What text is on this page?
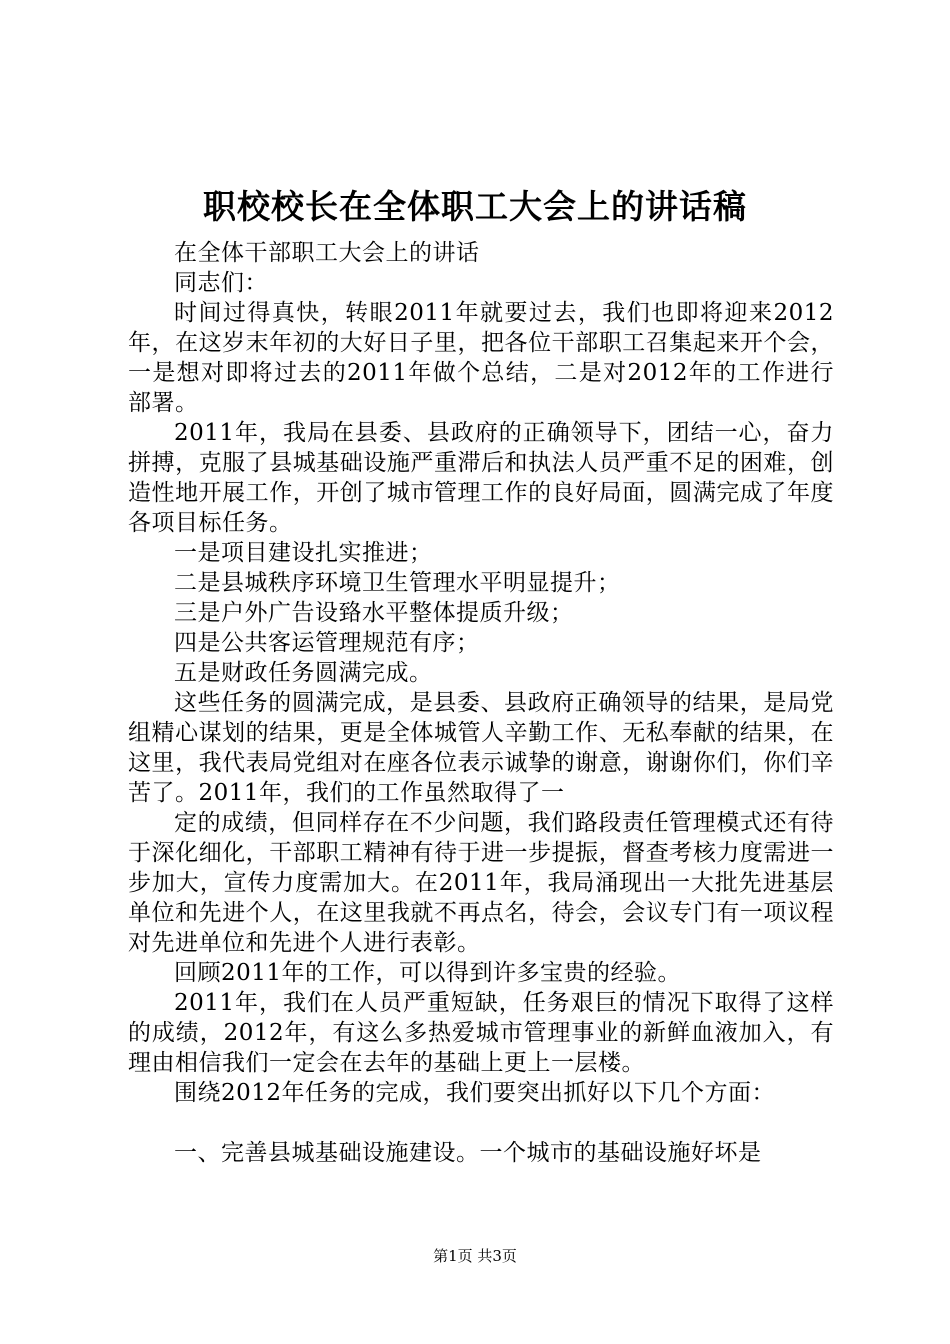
职校校长在全体职工大会上的讲话稿

在全体干部职工大会上的讲话

同志们：

时间过得真快，转眼2011年就要过去，我们也即将迎来2012年，在这岁末年初的大好日子里，把各位干部职工召集起来开个会，一是想对即将过去的2011年做个总结，二是对2012年的工作进行部署。

2011年，我局在县委、县政府的正确领导下，团结一心，奋力拼搏，克服了县城基础设施严重滞后和执法人员严重不足的困难，创造性地开展工作，开创了城市管理工作的良好局面，圆满完成了年度各项目标任务。

一是项目建设扎实推进；

二是县城秩序环境卫生管理水平明显提升；

三是户外广告设臵水平整体提质升级；

四是公共客运管理规范有序；

五是财政任务圆满完成。

这些任务的圆满完成，是县委、县政府正确领导的结果，是局党组精心谋划的结果，更是全体城管人辛勤工作、无私奉献的结果，在这里，我代表局党组对在座各位表示诚挚的谢意，谢谢你们，你们辛苦了。2011年，我们的工作虽然取得了一

定的成绩，但同样存在不少问题，我们路段责任管理模式还有待于深化细化，干部职工精神有待于进一步提振，督查考核力度需进一步加大，宣传力度需加大。在2011年，我局涌现出一大批先进基层单位和先进个人，在这里我就不再点名，待会，会议专门有一项议程对先进单位和先进个人进行表彰。

回顾2011年的工作，可以得到许多宝贵的经验。

2011年，我们在人员严重短缺，任务艰巨的情况下取得了这样的成绩，2012年，有这么多热爱城市管理事业的新鲜血液加入，有理由相信我们一定会在去年的基础上更上一层楼。

围绕2012年任务的完成，我们要突出抓好以下几个方面：

一、完善县城基础设施建设。一个城市的基础设施好坏是

第1页 共3页
